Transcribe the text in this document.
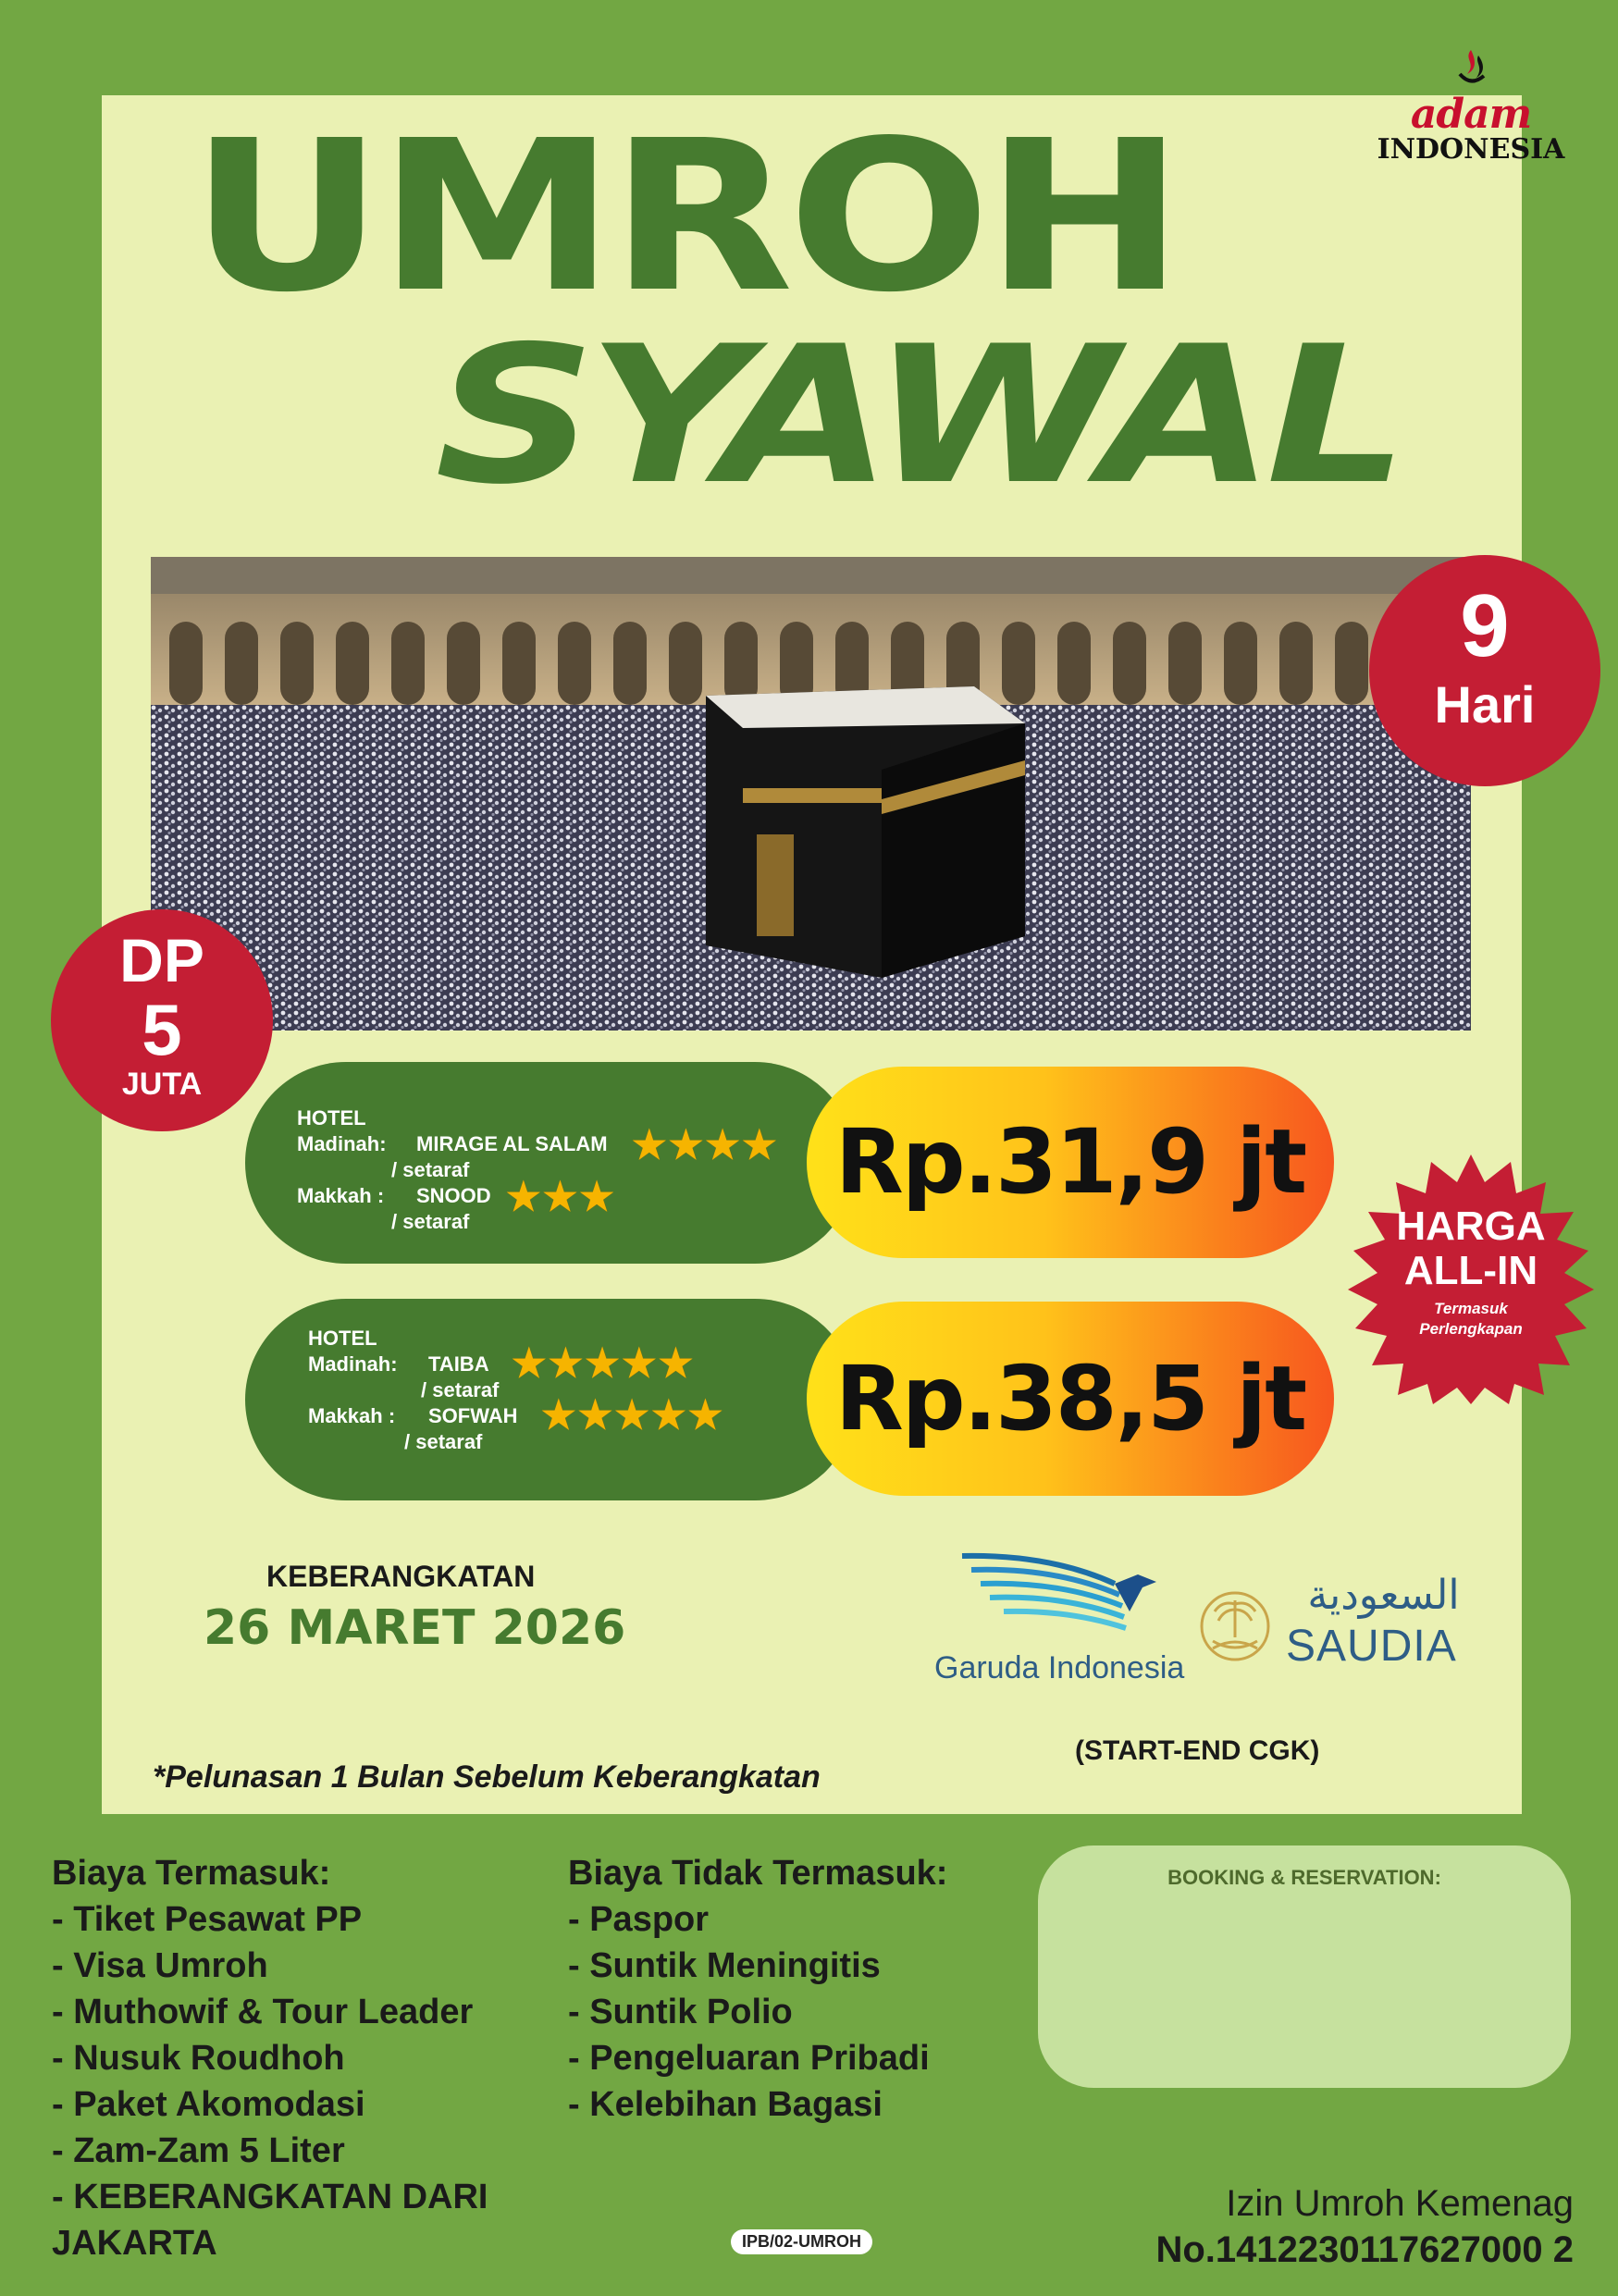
adam
INDONESIA
UMROH
SYAWAL
9
Hari
DP
5
JUTA
HOTEL
Madinah: MIRAGE AL SALAM ★★★★
/ setaraf
Makkah : SNOOD ★★★
/ setaraf
Rp.31,9 jt
HOTEL
Madinah: TAIBA ★★★★★
/ setaraf
Makkah : SOFWAH ★★★★★
/ setaraf	Rp.38,5 jt
HARGA
ALL-IN
Termasuk
Perlengkapan
KEBERANGKATAN
26 MARET 2026
Garuda Indonesia
السعودية
SAUDIA
(START-END CGK)
*Pelunasan 1 Bulan Sebelum Keberangkatan
Biaya Termasuk:
- Tiket Pesawat PP
- Visa Umroh
- Muthowif & Tour Leader
- Nusuk Roudhoh
- Paket Akomodasi
- Zam-Zam 5 Liter
- KEBERANGKATAN DARI JAKARTA
Biaya Tidak Termasuk:
- Paspor
- Suntik Meningitis
- Suntik Polio
- Pengeluaran Pribadi
- Kelebihan Bagasi
BOOKING & RESERVATION:
Izin Umroh Kemenag
No.1412230117627000 2
IPB/02-UMROH
